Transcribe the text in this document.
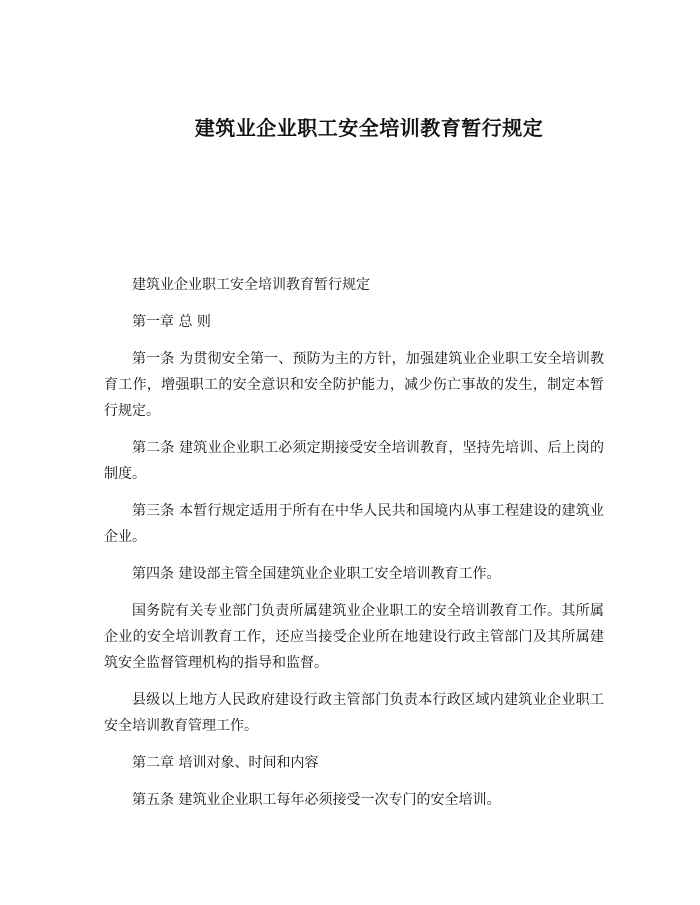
建筑业企业职工安全培训教育暂行规定

建筑业企业职工安全培训教育暂行规定

第一章 总 则

第一条 为贯彻安全第一、预防为主的方针，加强建筑业企业职工安全培训教育工作，增强职工的安全意识和安全防护能力，减少伤亡事故的发生，制定本暂行规定。

第二条 建筑业企业职工必须定期接受安全培训教育，坚持先培训、后上岗的制度。

第三条 本暂行规定适用于所有在中华人民共和国境内从事工程建设的建筑业企业。

第四条 建设部主管全国建筑业企业职工安全培训教育工作。

国务院有关专业部门负责所属建筑业企业职工的安全培训教育工作。其所属企业的安全培训教育工作，还应当接受企业所在地建设行政主管部门及其所属建筑安全监督管理机构的指导和监督。

县级以上地方人民政府建设行政主管部门负责本行政区域内建筑业企业职工安全培训教育管理工作。

第二章 培训对象、时间和内容

第五条 建筑业企业职工每年必须接受一次专门的安全培训。
